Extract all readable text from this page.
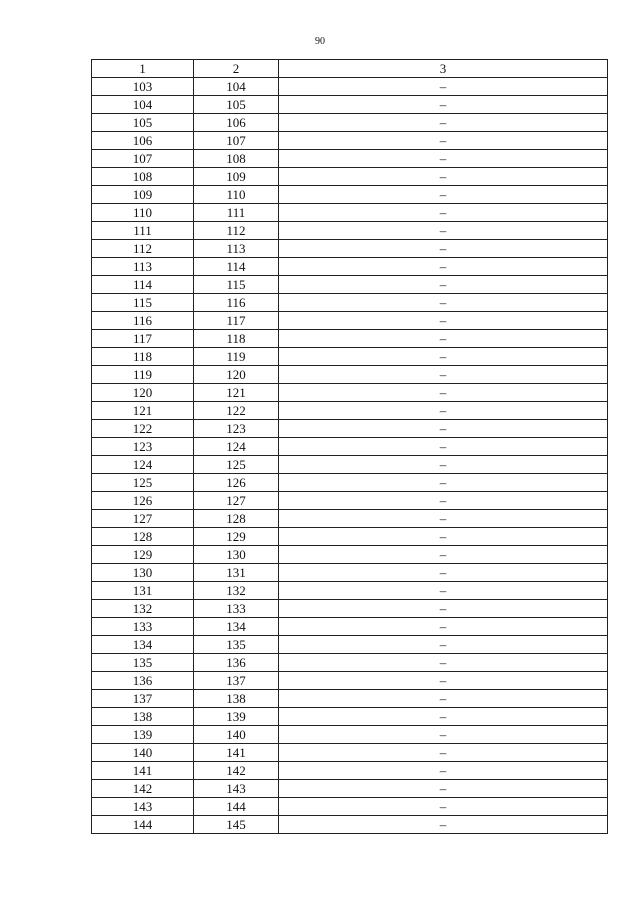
90
1	2	3
103	104	–
104	105	–
105	106	–
106	107	–
107	108	–
108	109	–
109	110	–
110	111	–
111	112	–
112	113	–
113	114	–
114	115	–
115	116	–
116	117	–
117	118	–
118	119	–
119	120	–
120	121	–
121	122	–
122	123	–
123	124	–
124	125	–
125	126	–
126	127	–
127	128	–
128	129	–
129	130	–
130	131	–
131	132	–
132	133	–
133	134	–
134	135	–
135	136	–
136	137	–
137	138	–
138	139	–
139	140	–
140	141	–
141	142	–
142	143	–
143	144	–
144	145	–
